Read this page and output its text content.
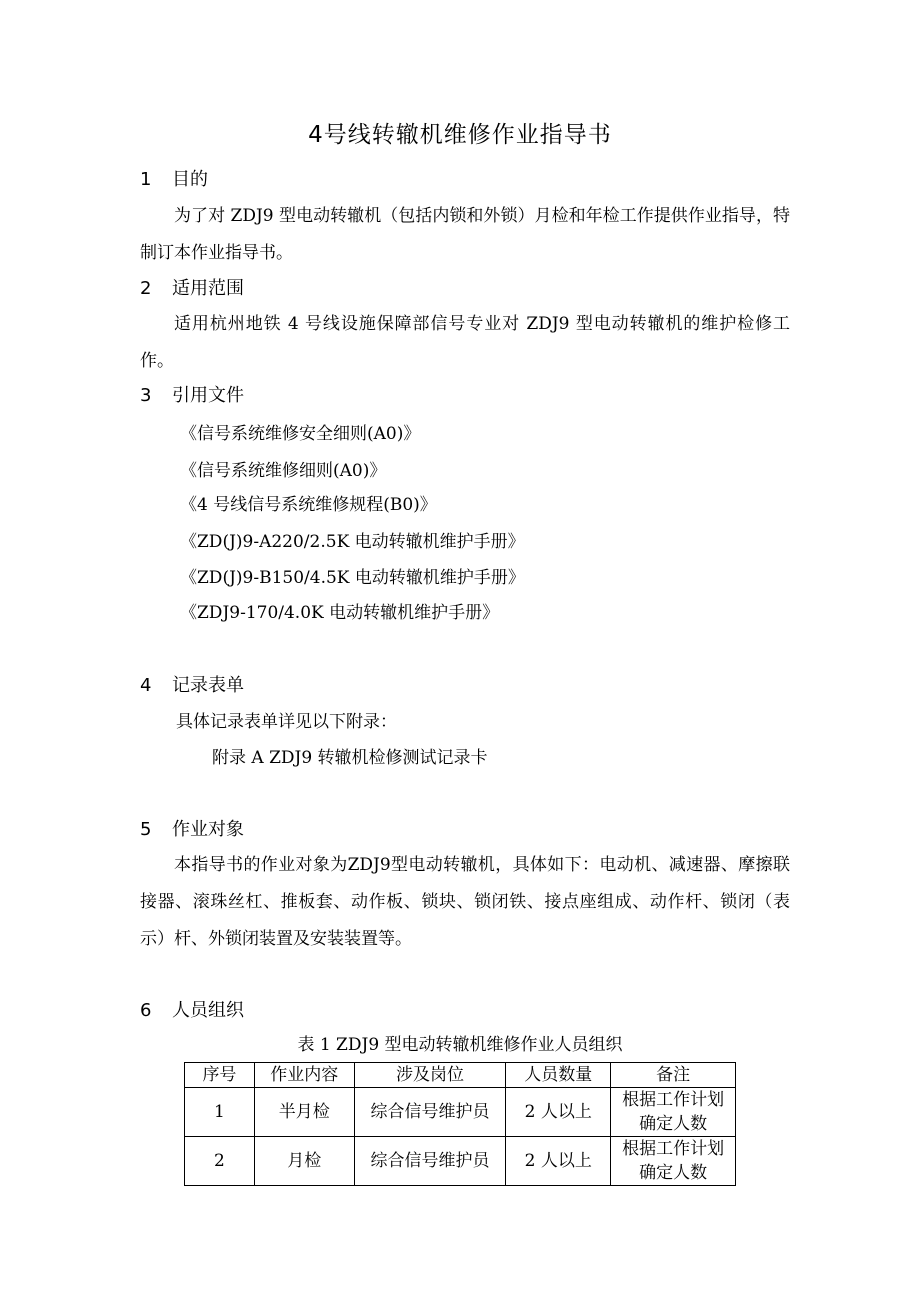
4号线转辙机维修作业指导书
1 目的
为了对 ZDJ9 型电动转辙机（包括内锁和外锁）月检和年检工作提供作业指导，特制订本作业指导书。
2 适用范围
适用杭州地铁 4 号线设施保障部信号专业对 ZDJ9 型电动转辙机的维护检修工作。
3 引用文件
《信号系统维修安全细则(A0)》
《信号系统维修细则(A0)》
《4 号线信号系统维修规程(B0)》
《ZD(J)9-A220/2.5K 电动转辙机维护手册》
《ZD(J)9-B150/4.5K 电动转辙机维护手册》
《ZDJ9-170/4.0K 电动转辙机维护手册》
4 记录表单
具体记录表单详见以下附录：
附录 A ZDJ9 转辙机检修测试记录卡
5 作业对象
本指导书的作业对象为ZDJ9型电动转辙机，具体如下：电动机、减速器、摩擦联接器、滚珠丝杠、推板套、动作板、锁块、锁闭铁、接点座组成、动作杆、锁闭（表示）杆、外锁闭装置及安装装置等。
6 人员组织
表 1 ZDJ9 型电动转辙机维修作业人员组织
序号	作业内容	涉及岗位	人员数量	备注
1	半月检	综合信号维护员	2 人以上	根据工作计划确定人数
2	月检	综合信号维护员	2 人以上	根据工作计划确定人数
